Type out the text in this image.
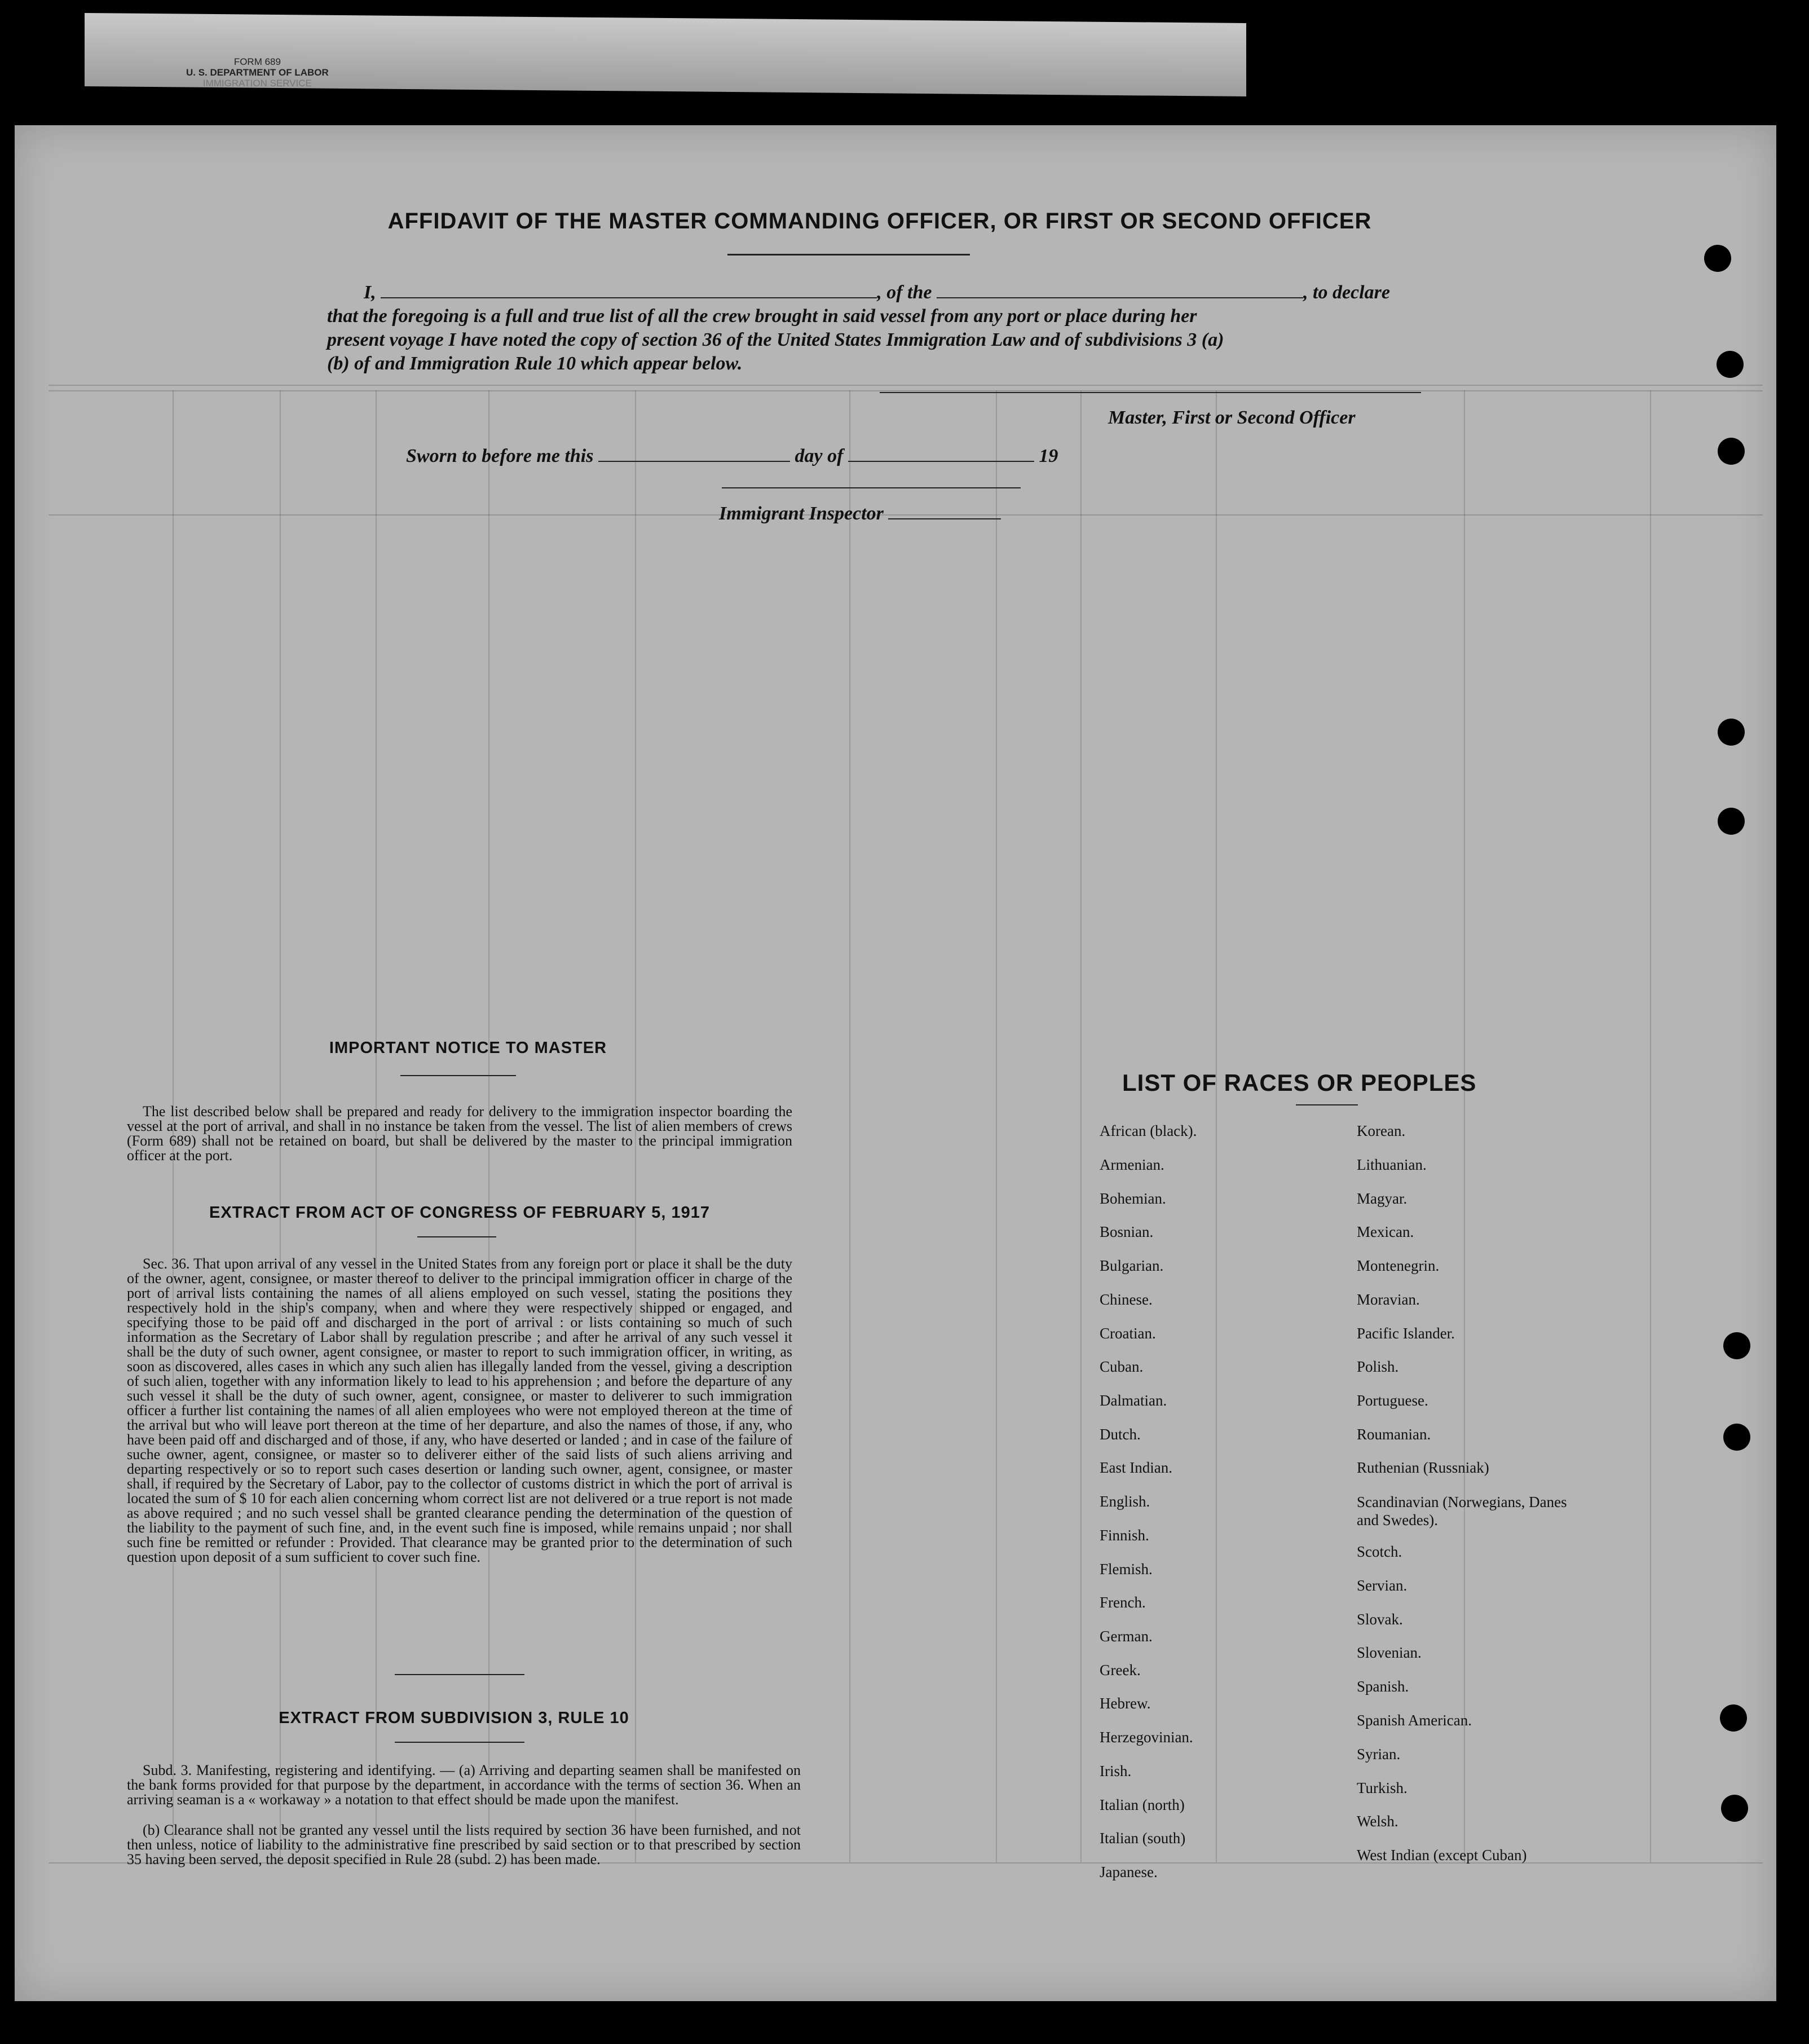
FORM 689
U. S. DEPARTMENT OF LABOR
IMMIGRATION SERVICE
AFFIDAVIT OF THE MASTER COMMANDING OFFICER, OR FIRST OR SECOND OFFICER
I,	, of the	, to declare
that the foregoing is a full and true list of all the crew brought in said vessel from any port or place during her
present voyage I have noted the copy of section 36 of the United States Immigration Law and of subdivisions 3 (a)
(b) of and Immigration Rule 10 which appear below.
Master, First or Second Officer
Sworn to before me this	day of	19
Immigrant Inspector
IMPORTANT NOTICE TO MASTER
The list described below shall be prepared and ready for delivery to the immigration inspector boarding the vessel at the port of arrival, and shall in no instance be taken from the vessel. The list of alien members of crews (Form 689) shall not be retained on board, but shall be delivered by the master to the principal immigration officer at the port.
EXTRACT FROM ACT OF CONGRESS OF FEBRUARY 5, 1917
Sec. 36. That upon arrival of any vessel in the United States from any foreign port or place it shall be the duty of the owner, agent, consignee, or master thereof to deliver to the principal immigration officer in charge of the port of arrival lists containing the names of all aliens employed on such vessel, stating the positions they respectively hold in the ship's company, when and where they were respectively shipped or engaged, and specifying those to be paid off and discharged in the port of arrival : or lists containing so much of such information as the Secretary of Labor shall by regulation prescribe ; and after he arrival of any such vessel it shall be the duty of such owner, agent consignee, or master to report to such immigration officer, in writing, as soon as discovered, alles cases in which any such alien has illegally landed from the vessel, giving a description of such alien, together with any information likely to lead to his apprehension ; and before the departure of any such vessel it shall be the duty of such owner, agent, consignee, or master to deliverer to such immigration officer a further list containing the names of all alien employees who were not employed thereon at the time of the arrival but who will leave port thereon at the time of her departure, and also the names of those, if any, who have been paid off and discharged and of those, if any, who have deserted or landed ; and in case of the failure of suche owner, agent, consignee, or master so to deliverer either of the said lists of such aliens arriving and departing respectively or so to report such cases desertion or landing such owner, agent, consignee, or master shall, if required by the Secretary of Labor, pay to the collector of customs district in which the port of arrival is located the sum of $ 10 for each alien concerning whom correct list are not delivered or a true report is not made as above required ; and no such vessel shall be granted clearance pending the determination of the question of the liability to the payment of such fine, and, in the event such fine is imposed, while remains unpaid ; nor shall such fine be remitted or refunder : Provided. That clearance may be granted prior to the determination of such question upon deposit of a sum sufficient to cover such fine.
EXTRACT FROM SUBDIVISION 3, RULE 10
Subd. 3. Manifesting, registering and identifying. — (a) Arriving and departing seamen shall be manifested on the bank forms provided for that purpose by the department, in accordance with the terms of section 36. When an arriving seaman is a « workaway » a notation to that effect should be made upon the manifest.
(b) Clearance shall not be granted any vessel until the lists required by section 36 have been furnished, and not then unless, notice of liability to the administrative fine prescribed by said section or to that prescribed by section 35 having been served, the deposit specified in Rule 28 (subd. 2) has been made.
LIST OF RACES OR PEOPLES
African (black).
Armenian.
Bohemian.
Bosnian.
Bulgarian.
Chinese.
Croatian.
Cuban.
Dalmatian.
Dutch.
East Indian.
English.
Finnish.
Flemish.
French.
German.
Greek.
Hebrew.
Herzegovinian.
Irish.
Italian (north)
Italian (south)
Japanese.
Korean.
Lithuanian.
Magyar.
Mexican.
Montenegrin.
Moravian.
Pacific Islander.
Polish.
Portuguese.
Roumanian.
Ruthenian (Russniak)
Scandinavian (Norwegians, Danes and Swedes).
Scotch.
Servian.
Slovak.
Slovenian.
Spanish.
Spanish American.
Syrian.
Turkish.
Welsh.
West Indian (except Cuban)
